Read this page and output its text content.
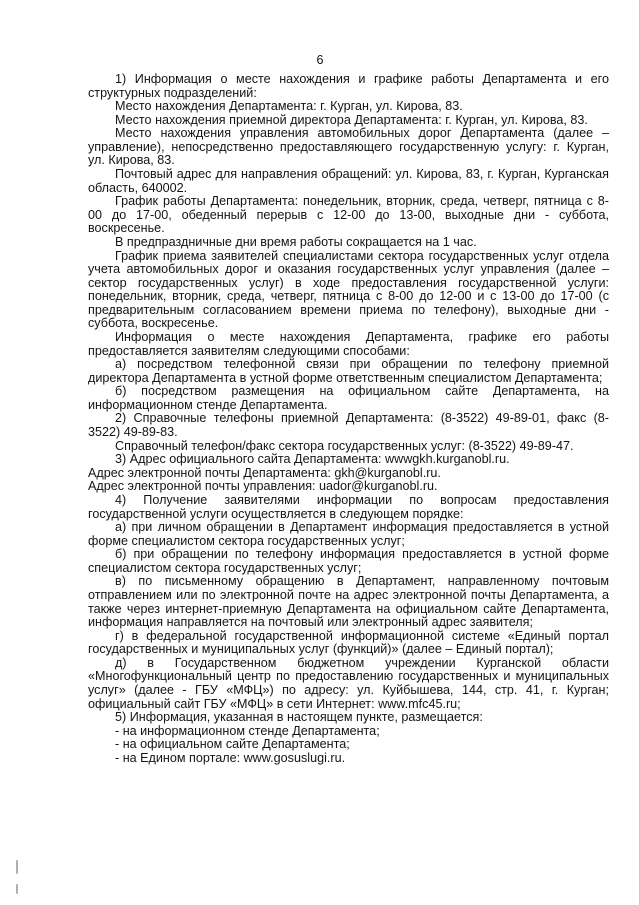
6

1) Информация о месте нахождения и графике работы Департамента и его структурных подразделений:

Место нахождения Департамента: г. Курган, ул. Кирова, 83.

Место нахождения приемной директора Департамента: г. Курган, ул. Кирова, 83.

Место нахождения управления автомобильных дорог Департамента (далее – управление), непосредственно предоставляющего государственную услугу: г. Курган, ул. Кирова, 83.

Почтовый адрес для направления обращений: ул. Кирова, 83, г. Курган, Курганская область, 640002.

График работы Департамента: понедельник, вторник, среда, четверг, пятница с 8-00 до 17-00, обеденный перерыв с 12-00 до 13-00, выходные дни - суббота, воскресенье.

В предпраздничные дни время работы сокращается на 1 час.

График приема заявителей специалистами сектора государственных услуг отдела учета автомобильных дорог и оказания государственных услуг управления (далее – сектор государственных услуг) в ходе предоставления государственной услуги: понедельник, вторник, среда, четверг, пятница с 8-00 до 12-00 и с 13-00 до 17-00 (с предварительным согласованием времени приема по телефону), выходные дни - суббота, воскресенье.

Информация о месте нахождения Департамента, графике его работы предоставляется заявителям следующими способами:

а) посредством телефонной связи при обращении по телефону приемной директора Департамента в устной форме ответственным специалистом Департамента;

б) посредством размещения на официальном сайте Департамента, на информационном стенде Департамента.

2) Справочные телефоны приемной Департамента: (8-3522) 49-89-01, факс (8-3522) 49-89-83.

Справочный телефон/факс сектора государственных услуг: (8-3522) 49-89-47.

3) Адрес официального сайта Департамента: wwwgkh.kurganobl.ru.

Адрес электронной почты Департамента: gkh@kurganobl.ru.

Адрес электронной почты управления: uador@kurganobl.ru.

4) Получение заявителями информации по вопросам предоставления государственной услуги осуществляется в следующем порядке:

а) при личном обращении в Департамент информация предоставляется в устной форме специалистом сектора государственных услуг;

б) при обращении по телефону информация предоставляется в устной форме специалистом сектора государственных услуг;

в) по письменному обращению в Департамент, направленному почтовым отправлением или по электронной почте на адрес электронной почты Департамента, а также через интернет-приемную Департамента на официальном сайте Департамента, информация направляется на почтовый или электронный адрес заявителя;

г) в федеральной государственной информационной системе «Единый портал государственных и муниципальных услуг (функций)» (далее – Единый портал);

д) в Государственном бюджетном учреждении Курганской области «Многофункциональный центр по предоставлению государственных и муниципальных услуг» (далее - ГБУ «МФЦ») по адресу: ул. Куйбышева, 144, стр. 41, г. Курган; официальный сайт ГБУ «МФЦ» в сети Интернет: www.mfc45.ru;

5) Информация, указанная в настоящем пункте, размещается:

- на информационном стенде Департамента;

- на официальном сайте Департамента;

- на Едином портале: www.gosuslugi.ru.
